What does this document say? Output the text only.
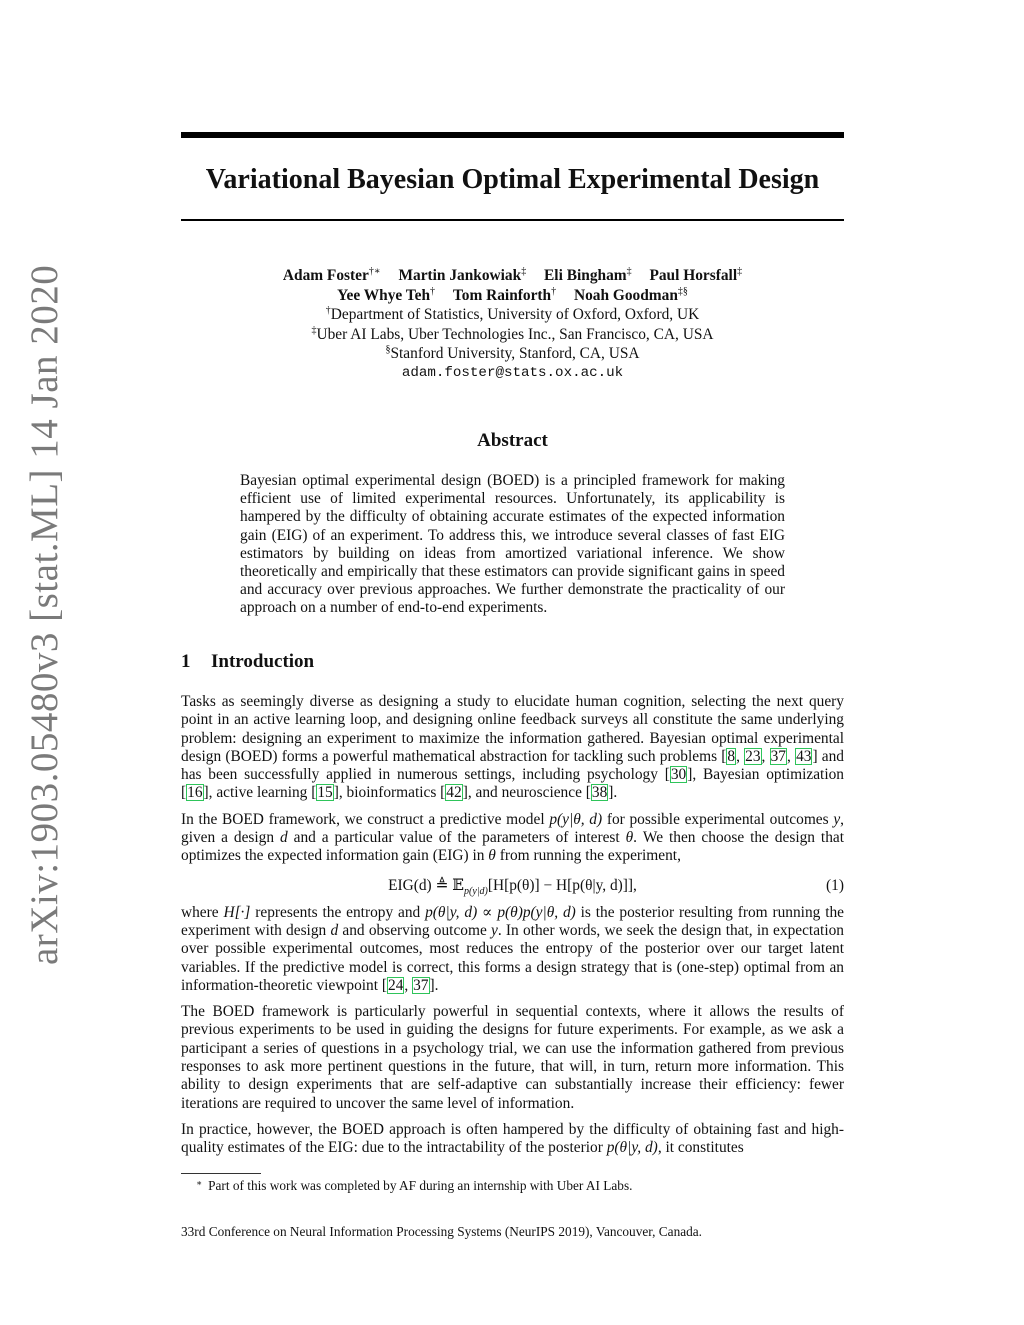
arXiv:1903.05480v3 [stat.ML] 14 Jan 2020
Variational Bayesian Optimal Experimental Design
Adam Foster†∗ Martin Jankowiak‡ Eli Bingham‡ Paul Horsfall‡
Yee Whye Teh† Tom Rainforth† Noah Goodman‡§
†Department of Statistics, University of Oxford, Oxford, UK
‡Uber AI Labs, Uber Technologies Inc., San Francisco, CA, USA
§Stanford University, Stanford, CA, USA
adam.foster@stats.ox.ac.uk
Abstract
Bayesian optimal experimental design (BOED) is a principled framework for making efficient use of limited experimental resources. Unfortunately, its applicability is hampered by the difficulty of obtaining accurate estimates of the expected information gain (EIG) of an experiment. To address this, we introduce several classes of fast EIG estimators by building on ideas from amortized variational inference. We show theoretically and empirically that these estimators can provide significant gains in speed and accuracy over previous approaches. We further demonstrate the practicality of our approach on a number of end-to-end experiments.
1 Introduction

Tasks as seemingly diverse as designing a study to elucidate human cognition, selecting the next query point in an active learning loop, and designing online feedback surveys all constitute the same underlying problem: designing an experiment to maximize the information gathered. Bayesian optimal experimental design (BOED) forms a powerful mathematical abstraction for tackling such problems [8, 23, 37, 43] and has been successfully applied in numerous settings, including psychology [30], Bayesian optimization [16], active learning [15], bioinformatics [42], and neuroscience [38].

In the BOED framework, we construct a predictive model p(y|θ, d) for possible experimental outcomes y, given a design d and a particular value of the parameters of interest θ. We then choose the design that optimizes the expected information gain (EIG) in θ from running the experiment,

EIG(d) ≜ 𝔼$_{p(y|d)}$[H[p(θ)] − H[p(θ|y, d)]],	(1)

where H[·] represents the entropy and p(θ|y, d) ∝ p(θ)p(y|θ, d) is the posterior resulting from running the experiment with design d and observing outcome y. In other words, we seek the design that, in expectation over possible experimental outcomes, most reduces the entropy of the posterior over our target latent variables. If the predictive model is correct, this forms a design strategy that is (one-step) optimal from an information-theoretic viewpoint [24, 37].

The BOED framework is particularly powerful in sequential contexts, where it allows the results of previous experiments to be used in guiding the designs for future experiments. For example, as we ask a participant a series of questions in a psychology trial, we can use the information gathered from previous responses to ask more pertinent questions in the future, that will, in turn, return more information. This ability to design experiments that are self-adaptive can substantially increase their efficiency: fewer iterations are required to uncover the same level of information.

In practice, however, the BOED approach is often hampered by the difficulty of obtaining fast and high-quality estimates of the EIG: due to the intractability of the posterior p(θ|y, d), it constitutes

∗ Part of this work was completed by AF during an internship with Uber AI Labs.
33rd Conference on Neural Information Processing Systems (NeurIPS 2019), Vancouver, Canada.
